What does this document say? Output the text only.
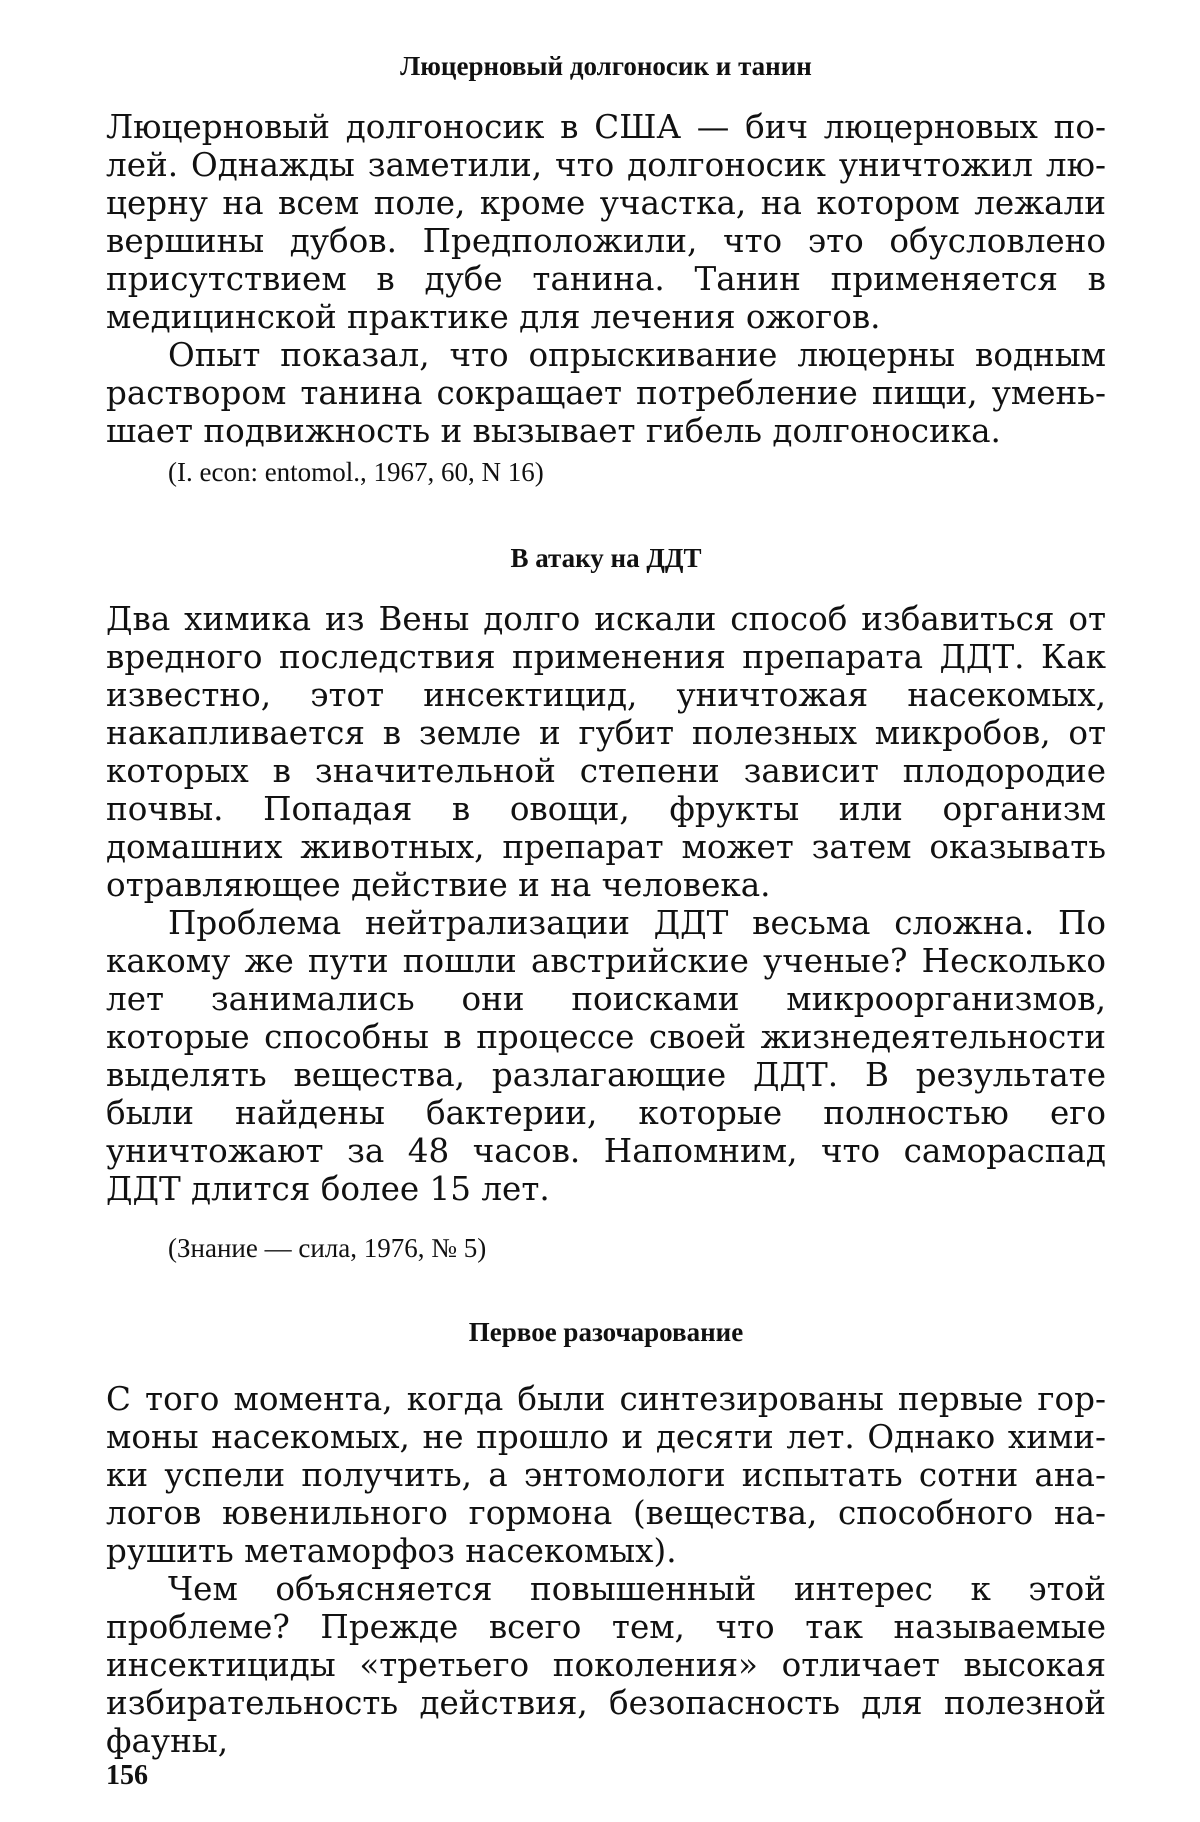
Люцерновый долгоносик и танин

Люцерновый долгоносик в США — бич люцерновых полей. Однажды заметили, что долгоносик уничтожил люцерну на всем поле, кроме участка, на котором лежали вершины дубов. Предположили, что это обусловлено присутствием в дубе танина. Танин применяется в медицинской практике для лечения ожогов.

Опыт показал, что опрыскивание люцерны водным раствором танина сокращает потребление пищи, уменьшает подвижность и вызывает гибель долгоносика.

(I. econ: entomol., 1967, 60, N 16)

В атаку на ДДТ

Два химика из Вены долго искали способ избавиться от вредного последствия применения препарата ДДТ. Как известно, этот инсектицид, уничтожая насекомых, накапливается в земле и губит полезных микробов, от которых в значительной степени зависит плодородие почвы. Попадая в овощи, фрукты или организм домашних животных, препарат может затем оказывать отравляющее действие и на человека.

Проблема нейтрализации ДДТ весьма сложна. По какому же пути пошли австрийские ученые? Несколько лет занимались они поисками микроорганизмов, которые способны в процессе своей жизнедеятельности выделять вещества, разлагающие ДДТ. В результате были найдены бактерии, которые полностью его уничтожают за 48 часов. Напомним, что самораспад ДДТ длится более 15 лет.

(Знание — сила, 1976, № 5)

Первое разочарование

С того момента, когда были синтезированы первые гормоны насекомых, не прошло и десяти лет. Однако химики успели получить, а энтомологи испытать сотни аналогов ювенильного гормона (вещества, способного нарушить метаморфоз насекомых).

Чем объясняется повышенный интерес к этой проблеме? Прежде всего тем, что так называемые инсектициды «третьего поколения» отличает высокая избирательность действия, безопасность для полезной фауны,

156
